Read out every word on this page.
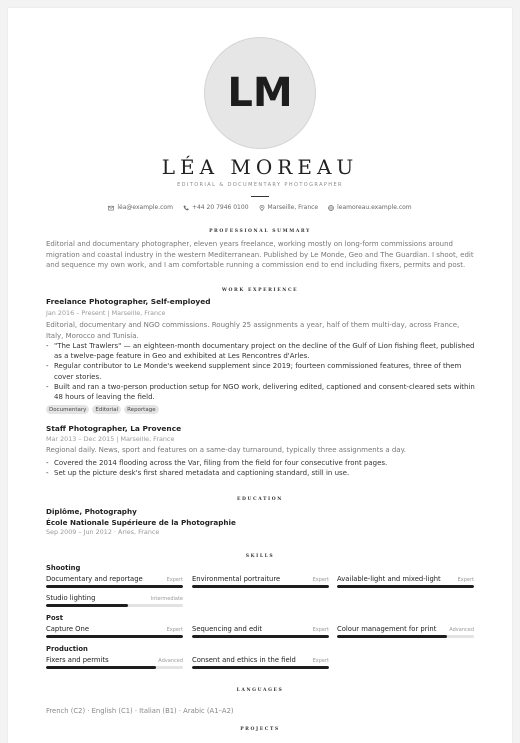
LM
LÉA MOREAU
EDITORIAL & DOCUMENTARY PHOTOGRAPHER
léa@example.com	+44 20 7946 0100	Marseille, France	leamoreau.example.com
PROFESSIONAL SUMMARY
Editorial and documentary photographer, eleven years freelance, working mostly on long-form commissions around migration and coastal industry in the western Mediterranean. Published by Le Monde, Geo and The Guardian. I shoot, edit and sequence my own work, and I am comfortable running a commission end to end including fixers, permits and post.
WORK EXPERIENCE
Freelance Photographer, Self-employed
Jan 2016 – Present | Marseille, France
Editorial, documentary and NGO commissions. Roughly 25 assignments a year, half of them multi-day, across France, Italy, Morocco and Tunisia.
- "The Last Trawlers" — an eighteen-month documentary project on the decline of the Gulf of Lion fishing fleet, published as a twelve-page feature in Geo and exhibited at Les Rencontres d'Arles.
- Regular contributor to Le Monde's weekend supplement since 2019; fourteen commissioned features, three of them cover stories.
- Built and ran a two-person production setup for NGO work, delivering edited, captioned and consent-cleared sets within 48 hours of leaving the field.
Documentary	Editorial	Reportage
Staff Photographer, La Provence
Mar 2013 – Dec 2015 | Marseille, France
Regional daily. News, sport and features on a same-day turnaround, typically three assignments a day.
- Covered the 2014 flooding across the Var, filing from the field for four consecutive front pages.
- Set up the picture desk's first shared metadata and captioning standard, still in use.
EDUCATION
Diplôme, Photography
École Nationale Supérieure de la Photographie
Sep 2009 – Jun 2012 · Arles, France
SKILLS
Shooting
Documentary and reportage	Expert Environmental portraiture	Expert Available-light and mixed-light	Expert
Studio lighting	Intermediate
Post
Capture One	Expert Sequencing and edit	Expert Colour management for print	Advanced
Production
Fixers and permits	Advanced Consent and ethics in the field	Expert
LANGUAGES
French (C2) · English (C1) · Italian (B1) · Arabic (A1–A2)
PROJECTS
